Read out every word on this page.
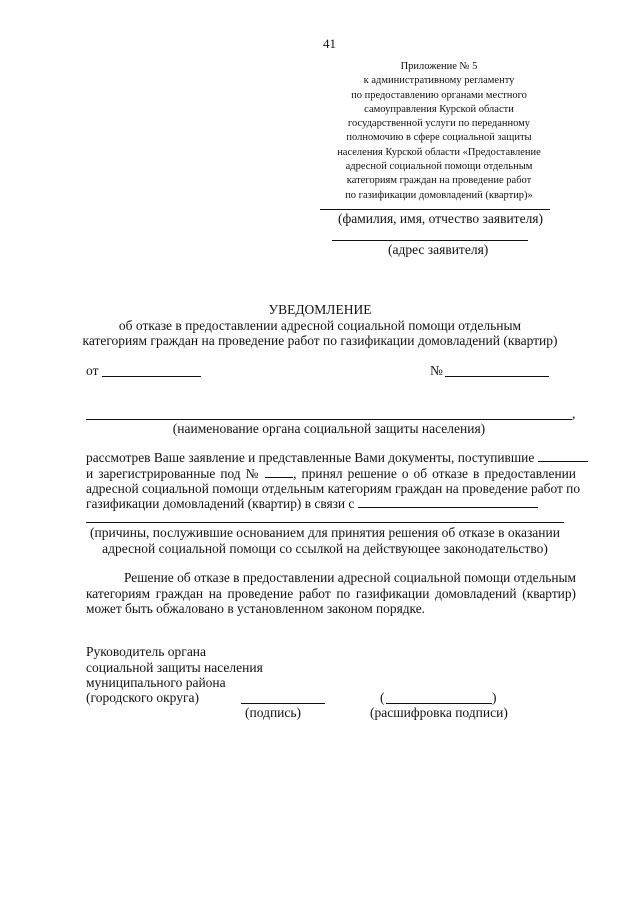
41
Приложение № 5
к административному регламенту
по предоставлению органами местного
самоуправления Курской области
государственной услуги по переданному
полномочию в сфере социальной защиты
населения Курской области «Предоставление
адресной социальной помощи отдельным
категориям граждан на проведение работ
по газификации домовладений (квартир)»
(фамилия, имя, отчество заявителя)
(адрес заявителя)
УВЕДОМЛЕНИЕ
об отказе в предоставлении адресной социальной помощи отдельным
категориям граждан на проведение работ по газификации домовладений (квартир)
от	№
,
(наименование органа социальной защиты населения)
рассмотрев Ваше заявление и представленные Вами документы, поступившие
и зарегистрированные под № , принял решение о об отказе в предоставлении
адресной социальной помощи отдельным категориям граждан на проведение работ по
газификации домовладений (квартир) в связи с
(причины, послужившие основанием для принятия решения об отказе в оказании
адресной социальной помощи со ссылкой на действующее законодательство)
Решение об отказе в предоставлении адресной социальной помощи отдельным
категориям граждан на проведение работ по газификации домовладений (квартир)
может быть обжаловано в установленном законом порядке.
Руководитель органа
социальной защиты населения
муниципального района
(городского округа)
(подпись)
(	)
(расшифровка подписи)
